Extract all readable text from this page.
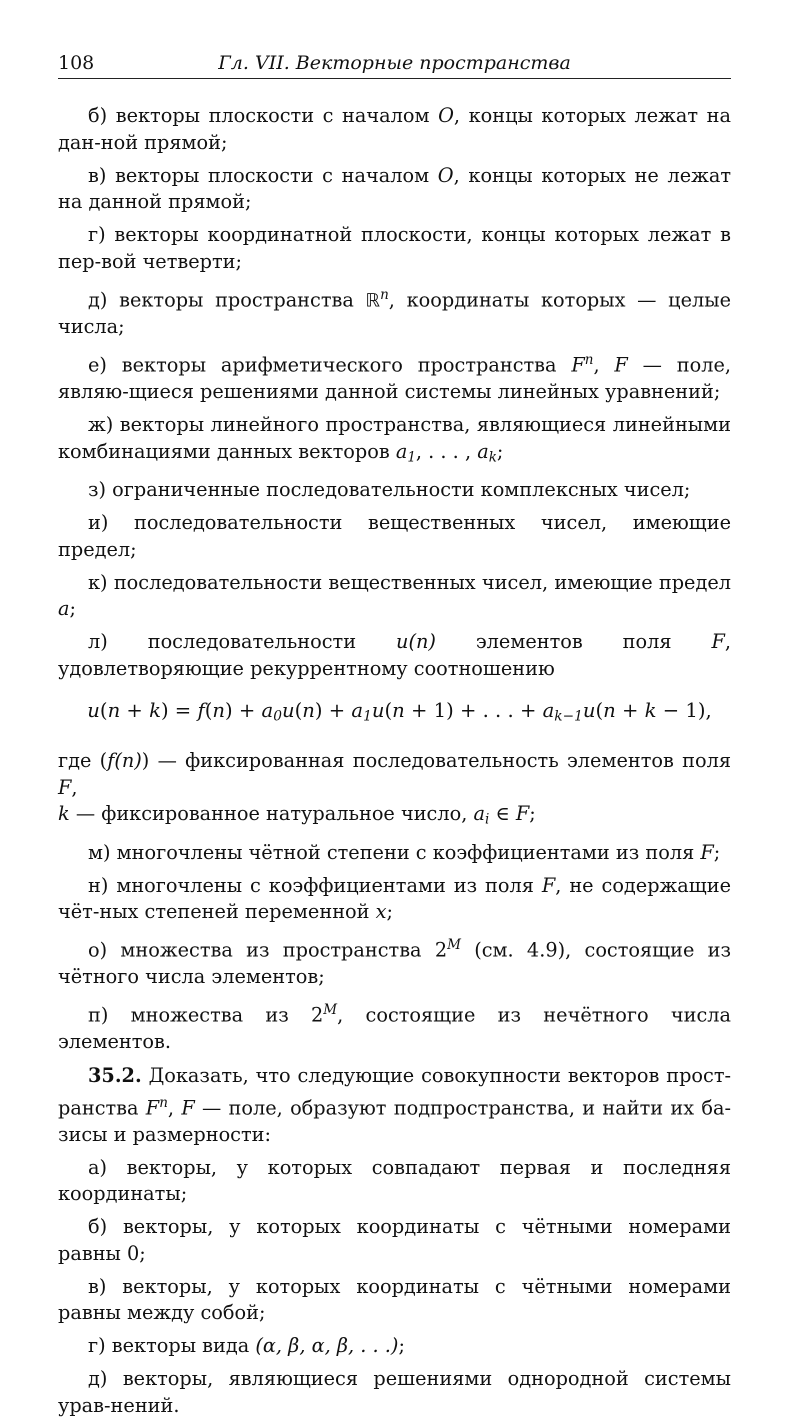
108	Гл. VII. Векторные пространства

б) векторы плоскости с началом O, концы которых лежат на дан-ной прямой;

в) векторы плоскости с началом O, концы которых не лежат на данной прямой;

г) векторы координатной плоскости, концы которых лежат в пер-вой четверти;

д) векторы пространства ℝ$^n$, координаты которых — целые числа;

е) векторы арифметического пространства $F^n$, F — поле, являю-щиеся решениями данной системы линейных уравнений;

ж) векторы линейного пространства, являющиеся линейными комбинациями данных векторов $a_1$, . . . , $a_k$;

з) ограниченные последовательности комплексных чисел;

и) последовательности вещественных чисел, имеющие предел;

к) последовательности вещественных чисел, имеющие предел a;

л) последовательности u(n) элементов поля F, удовлетворяющие рекуррентному соотношению

$u(n + k) = f(n) + a_0u(n) + a_1u(n + 1)$ + . . . + $a_{k-1}u(n + k - 1)$,

где (f(n)) — фиксированная последовательность элементов поля F,
k — фиксированное натуральное число, $a_i$ ∈ F;

м) многочлены чётной степени с коэффициентами из поля F;

н) многочлены с коэффициентами из поля F, не содержащие чёт-ных степеней переменной x;

о) множества из пространства $2^M$ (см. 4.9), состоящие из чётного числа элементов;

п) множества из $2^M$, состоящие из нечётного числа элементов.

35.2. Доказать, что следующие совокупности векторов прост-ранства $F^n$, F — поле, образуют подпространства, и найти их ба-зисы и размерности:

а) векторы, у которых совпадают первая и последняя координаты;

б) векторы, у которых координаты с чётными номерами равны 0;

в) векторы, у которых координаты с чётными номерами равны между собой;

г) векторы вида (α, β, α, β, . . .);

д) векторы, являющиеся решениями однородной системы урав-нений.
